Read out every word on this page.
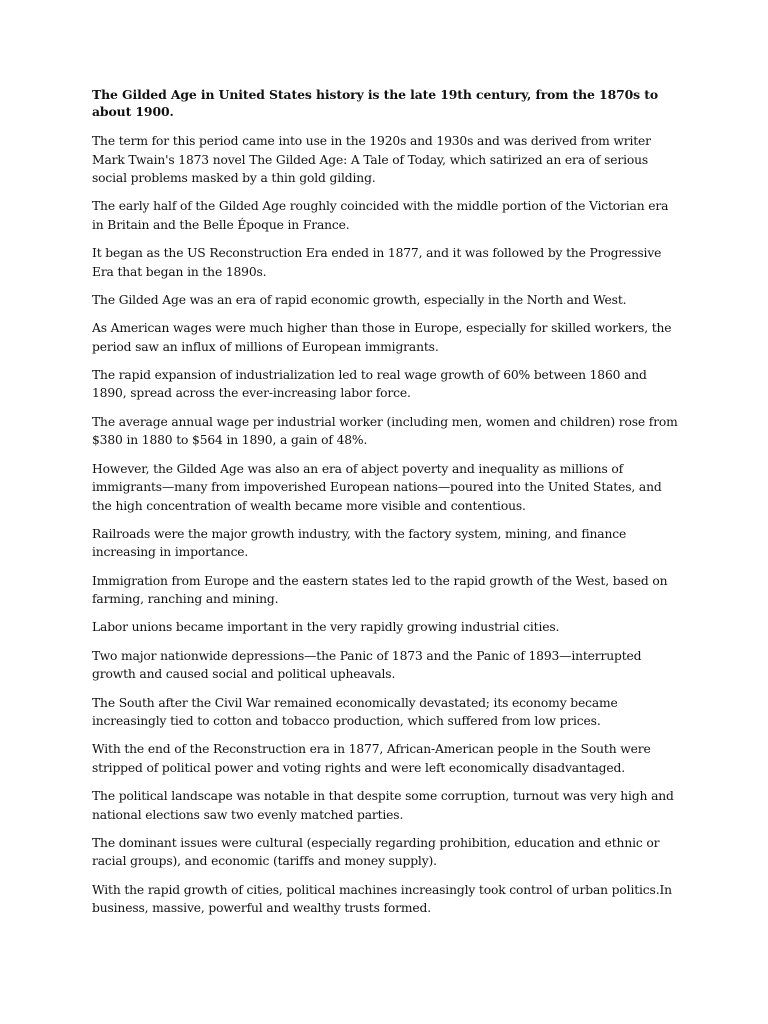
The Gilded Age in United States history is the late 19th century, from the 1870s to about 1900.

The term for this period came into use in the 1920s and 1930s and was derived from writer Mark Twain's 1873 novel The Gilded Age: A Tale of Today, which satirized an era of serious social problems masked by a thin gold gilding.

The early half of the Gilded Age roughly coincided with the middle portion of the Victorian era in Britain and the Belle Époque in France.

It began as the US Reconstruction Era ended in 1877, and it was followed by the Progressive Era that began in the 1890s.

The Gilded Age was an era of rapid economic growth, especially in the North and West.

As American wages were much higher than those in Europe, especially for skilled workers, the period saw an influx of millions of European immigrants.

The rapid expansion of industrialization led to real wage growth of 60% between 1860 and 1890, spread across the ever-increasing labor force.

The average annual wage per industrial worker (including men, women and children) rose from $380 in 1880 to $564 in 1890, a gain of 48%.

However, the Gilded Age was also an era of abject poverty and inequality as millions of immigrants—many from impoverished European nations—poured into the United States, and the high concentration of wealth became more visible and contentious.

Railroads were the major growth industry, with the factory system, mining, and finance increasing in importance.

Immigration from Europe and the eastern states led to the rapid growth of the West, based on farming, ranching and mining.

Labor unions became important in the very rapidly growing industrial cities.

Two major nationwide depressions—the Panic of 1873 and the Panic of 1893—interrupted growth and caused social and political upheavals.

The South after the Civil War remained economically devastated; its economy became increasingly tied to cotton and tobacco production, which suffered from low prices.

With the end of the Reconstruction era in 1877, African-American people in the South were stripped of political power and voting rights and were left economically disadvantaged.

The political landscape was notable in that despite some corruption, turnout was very high and national elections saw two evenly matched parties.

The dominant issues were cultural (especially regarding prohibition, education and ethnic or racial groups), and economic (tariffs and money supply).

With the rapid growth of cities, political machines increasingly took control of urban politics.In business, massive, powerful and wealthy trusts formed.
